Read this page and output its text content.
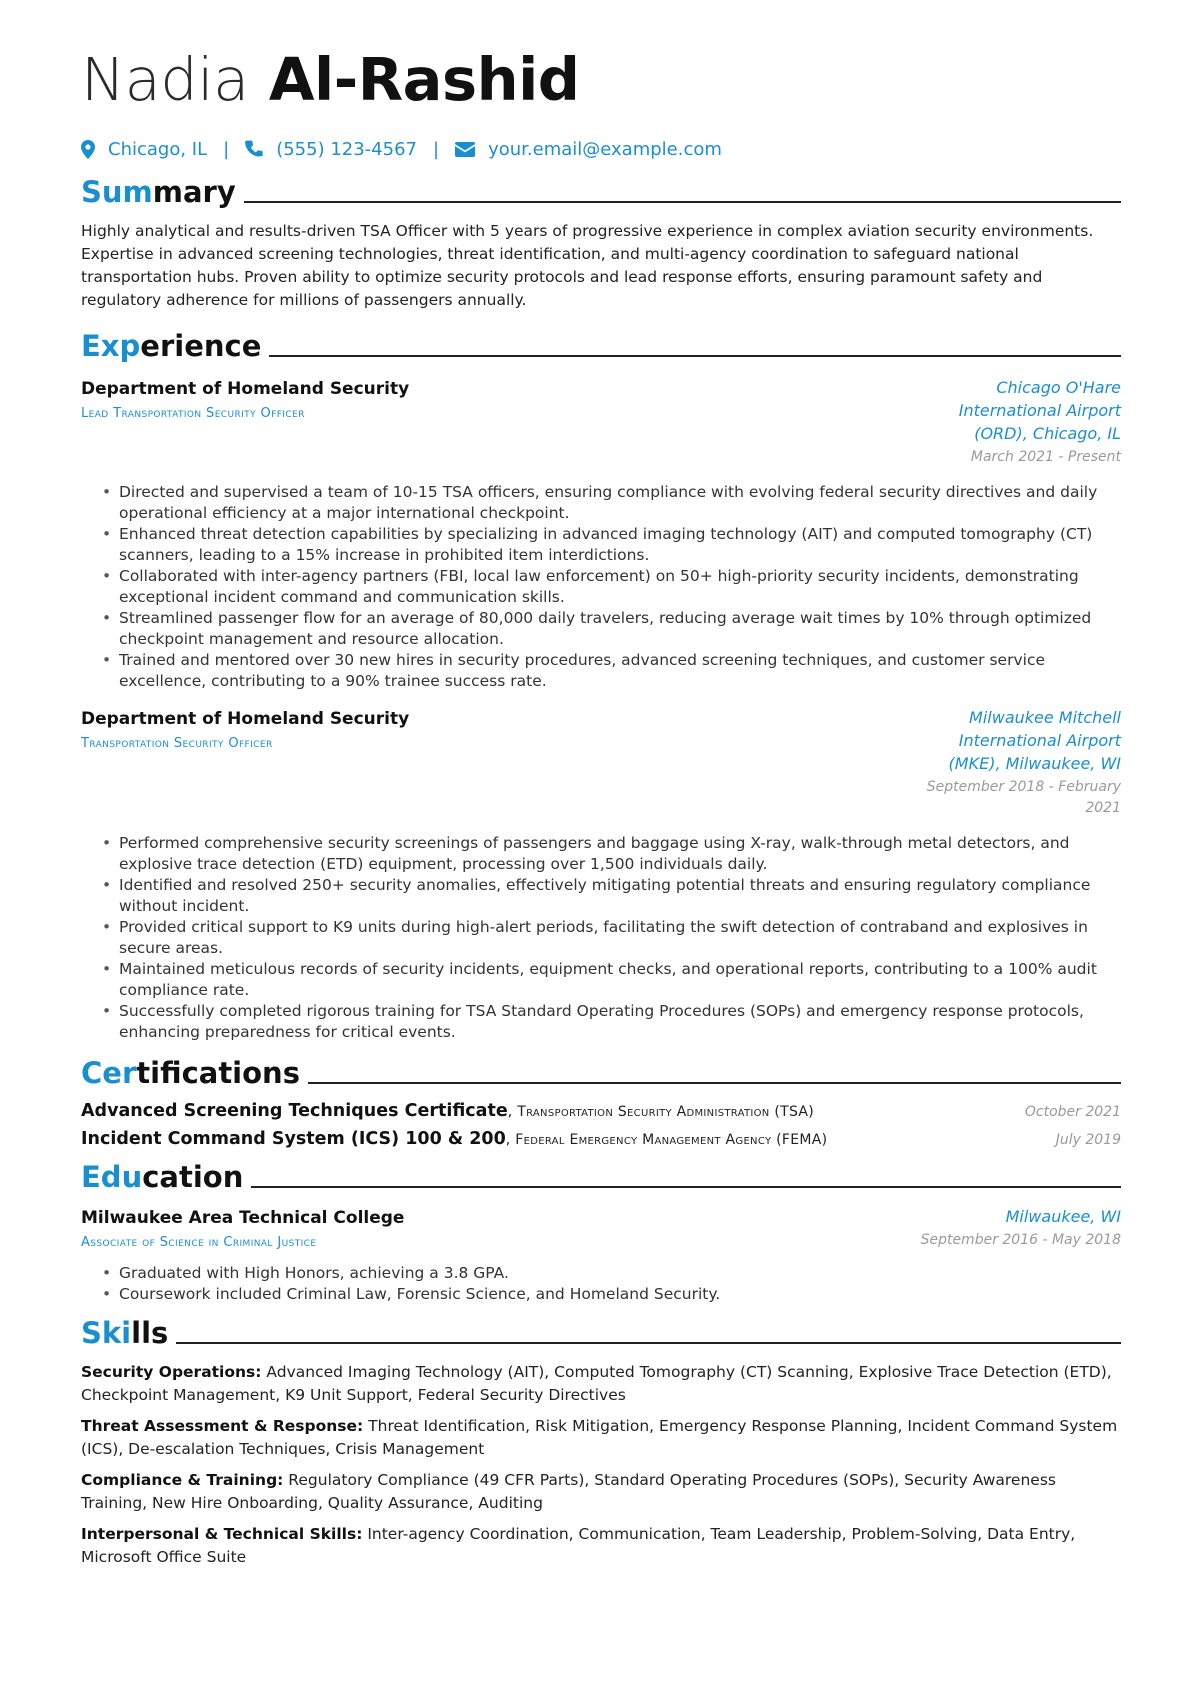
Nadia Al-Rashid
Chicago, IL |	(555) 123-4567 |	your.email@example.com
Summary
Highly analytical and results-driven TSA Officer with 5 years of progressive experience in complex aviation security environments. Expertise in advanced screening technologies, threat identification, and multi-agency coordination to safeguard national transportation hubs. Proven ability to optimize security protocols and lead response efforts, ensuring paramount safety and regulatory adherence for millions of passengers annually.
Experience
Department of Homeland Security
Lead Transportation Security Officer
Chicago O'Hare International Airport (ORD), Chicago, IL
March 2021 - Present
• Directed and supervised a team of 10-15 TSA officers, ensuring compliance with evolving federal security directives and daily operational efficiency at a major international checkpoint.
• Enhanced threat detection capabilities by specializing in advanced imaging technology (AIT) and computed tomography (CT) scanners, leading to a 15% increase in prohibited item interdictions.
• Collaborated with inter-agency partners (FBI, local law enforcement) on 50+ high-priority security incidents, demonstrating exceptional incident command and communication skills.
• Streamlined passenger flow for an average of 80,000 daily travelers, reducing average wait times by 10% through optimized checkpoint management and resource allocation.
• Trained and mentored over 30 new hires in security procedures, advanced screening techniques, and customer service excellence, contributing to a 90% trainee success rate.
Department of Homeland Security
Transportation Security Officer
Milwaukee Mitchell International Airport (MKE), Milwaukee, WI
September 2018 - February 2021
• Performed comprehensive security screenings of passengers and baggage using X-ray, walk-through metal detectors, and explosive trace detection (ETD) equipment, processing over 1,500 individuals daily.
• Identified and resolved 250+ security anomalies, effectively mitigating potential threats and ensuring regulatory compliance without incident.
• Provided critical support to K9 units during high-alert periods, facilitating the swift detection of contraband and explosives in secure areas.
• Maintained meticulous records of security incidents, equipment checks, and operational reports, contributing to a 100% audit compliance rate.
• Successfully completed rigorous training for TSA Standard Operating Procedures (SOPs) and emergency response protocols, enhancing preparedness for critical events.
Certifications
Advanced Screening Techniques Certificate, Transportation Security Administration (TSA)	October 2021
Incident Command System (ICS) 100 & 200, Federal Emergency Management Agency (FEMA)	July 2019
Education
Milwaukee Area Technical College
Associate of Science in Criminal Justice
Milwaukee, WI
September 2016 - May 2018
• Graduated with High Honors, achieving a 3.8 GPA.
• Coursework included Criminal Law, Forensic Science, and Homeland Security.
Skills
Security Operations: Advanced Imaging Technology (AIT), Computed Tomography (CT) Scanning, Explosive Trace Detection (ETD), Checkpoint Management, K9 Unit Support, Federal Security Directives
Threat Assessment & Response: Threat Identification, Risk Mitigation, Emergency Response Planning, Incident Command System (ICS), De-escalation Techniques, Crisis Management
Compliance & Training: Regulatory Compliance (49 CFR Parts), Standard Operating Procedures (SOPs), Security Awareness Training, New Hire Onboarding, Quality Assurance, Auditing
Interpersonal & Technical Skills: Inter-agency Coordination, Communication, Team Leadership, Problem-Solving, Data Entry, Microsoft Office Suite
